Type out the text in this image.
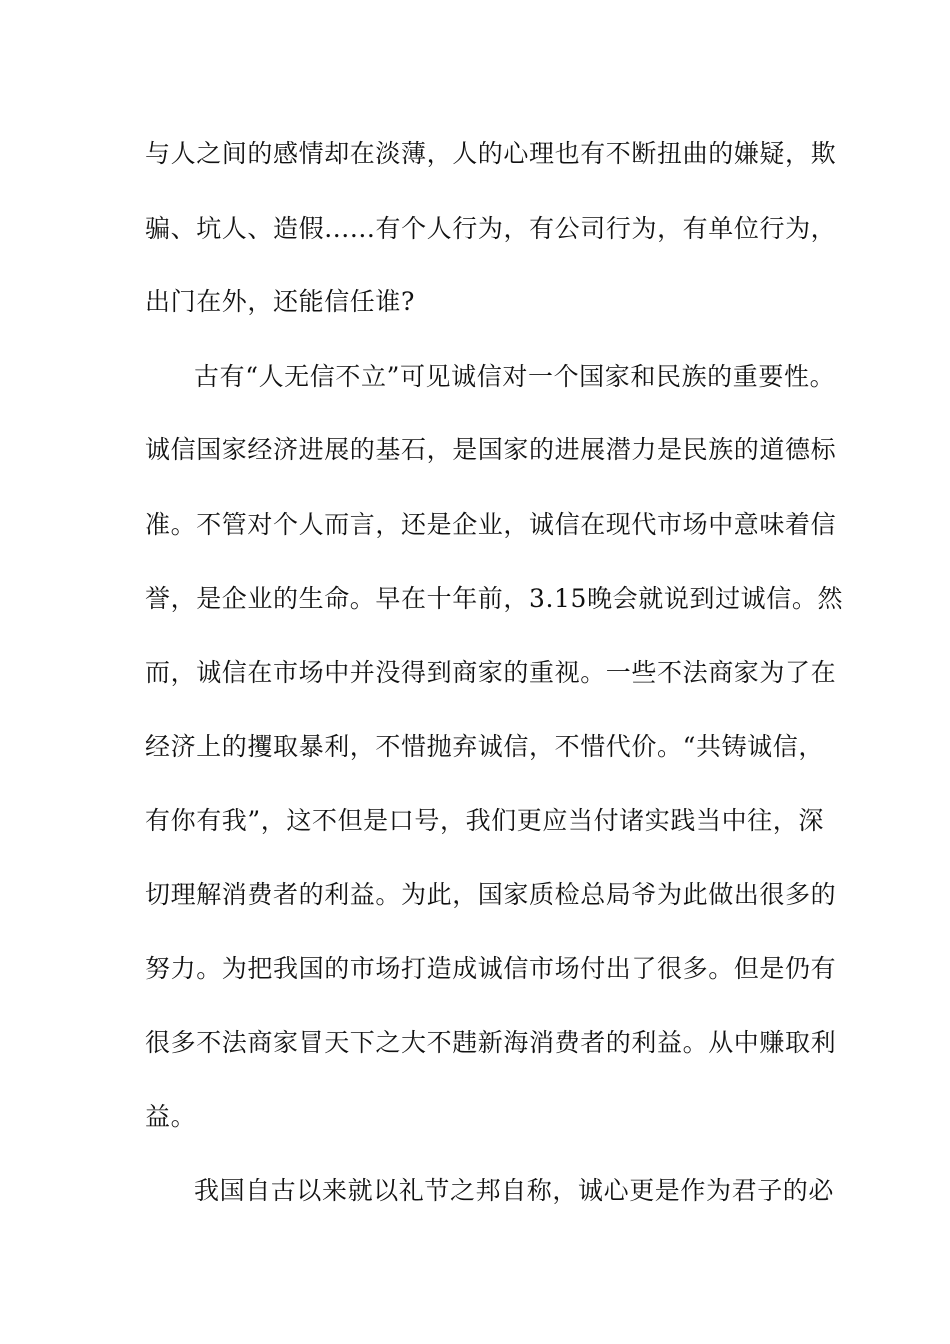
与人之间的感情却在淡薄，人的心理也有不断扭曲的嫌疑，欺
骗、坑人、造假......有个人行为，有公司行为，有单位行为，
出门在外，还能信任谁?
古有“人无信不立”可见诚信对一个国家和民族的重要性。
诚信国家经济进展的基石，是国家的进展潜力是民族的道德标
准。不管对个人而言，还是企业，诚信在现代市场中意味着信
誉，是企业的生命。早在十年前，3.15晚会就说到过诚信。然
而，诚信在市场中并没得到商家的重视。一些不法商家为了在
经济上的攫取暴利，不惜抛弃诚信，不惜代价。“共铸诚信，
有你有我”，这不但是口号，我们更应当付诸实践当中往，深
切理解消费者的利益。为此，国家质检总局爷为此做出很多的
努力。为把我国的市场打造成诚信市场付出了很多。但是仍有
很多不法商家冒天下之大不韪新海消费者的利益。从中赚取利
益。
我国自古以来就以礼节之邦自称，诚心更是作为君子的必
